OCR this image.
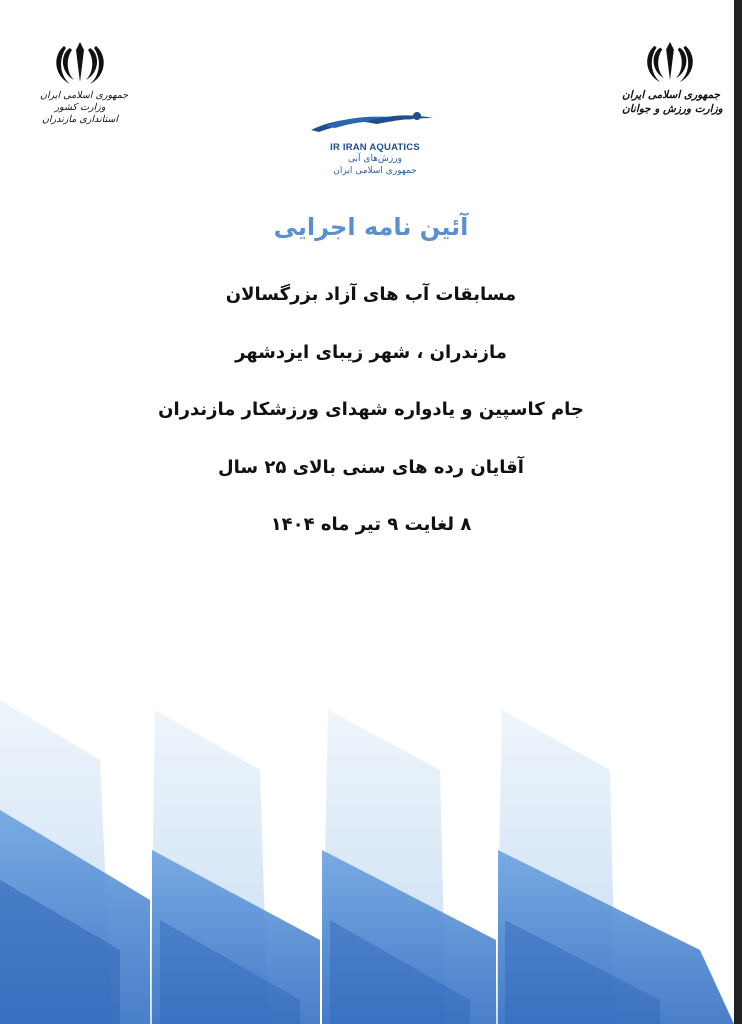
جمهوری اسلامی ایران
وزارت کشور
استانداری مازندران
جمهوری اسلامی ایران
وزارت ورزش و جوانان
IR IRAN AQUATICS
ورزش‌های آبی
جمهوری اسلامی ایران
آئین نامه اجرایی
مسابقات آب های آزاد بزرگسالان
مازندران ، شهر زیبای ایزدشهر
جام کاسپین و یادواره شهدای ورزشکار مازندران
آقایان رده های سنی بالای ۲۵ سال
۸ لغایت ۹ تیر ماه ۱۴۰۴
